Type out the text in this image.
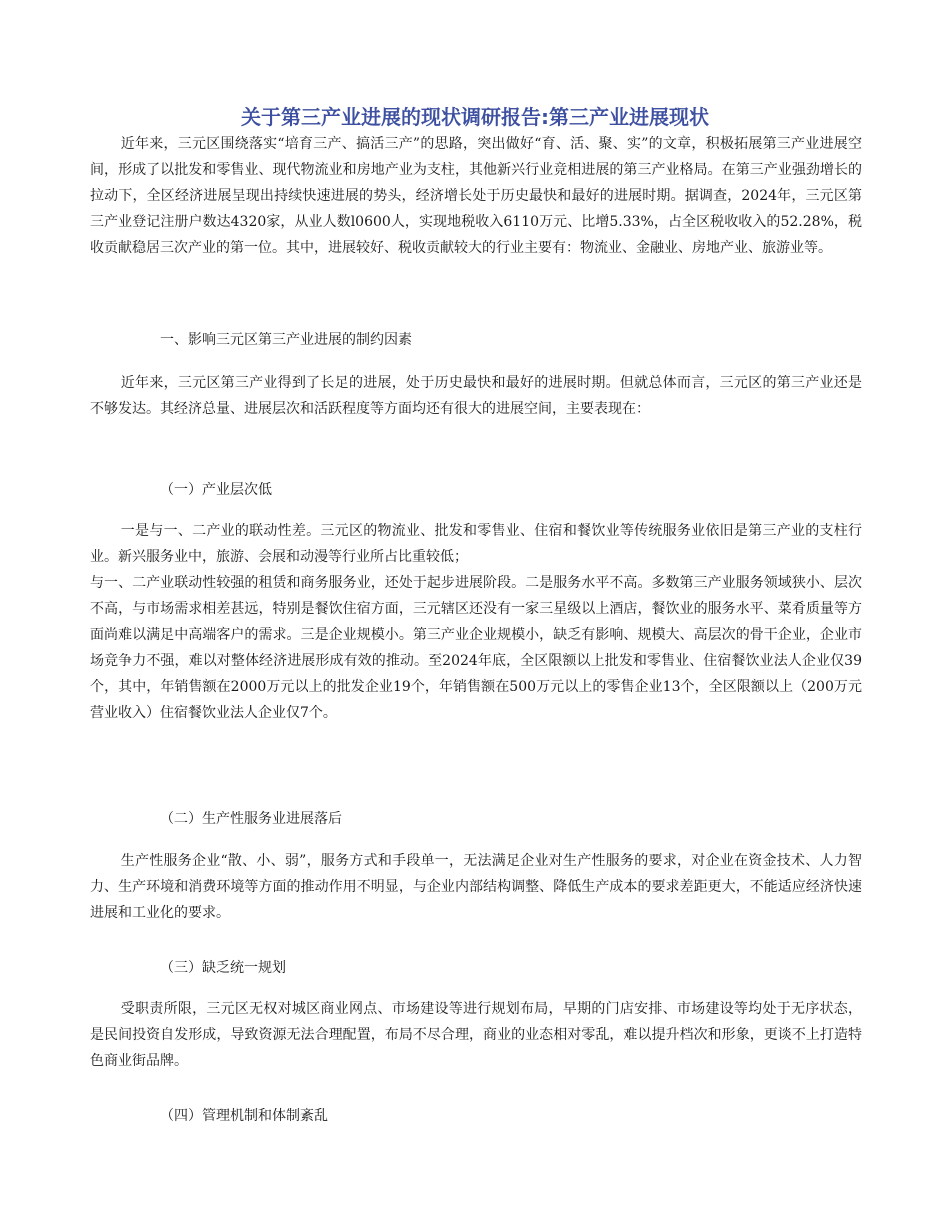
关于第三产业进展的现状调研报告:第三产业进展现状

近年来，三元区围绕落实“培育三产、搞活三产”的思路，突出做好“育、活、聚、实”的文章，积极拓展第三产业进展空间，形成了以批发和零售业、现代物流业和房地产业为支柱，其他新兴行业竞相进展的第三产业格局。在第三产业强劲增长的拉动下，全区经济进展呈现出持续快速进展的势头，经济增长处于历史最快和最好的进展时期。据调查，2024年，三元区第三产业登记注册户数达4320家，从业人数l0600人，实现地税收入6110万元、比增5.33%，占全区税收收入的52.28%，税收贡献稳居三次产业的第一位。其中，进展较好、税收贡献较大的行业主要有：物流业、金融业、房地产业、旅游业等。

一、影响三元区第三产业进展的制约因素

近年来，三元区第三产业得到了长足的进展，处于历史最快和最好的进展时期。但就总体而言，三元区的第三产业还是不够发达。其经济总量、进展层次和活跃程度等方面均还有很大的进展空间，主要表现在：

（一）产业层次低

一是与一、二产业的联动性差。三元区的物流业、批发和零售业、住宿和餐饮业等传统服务业依旧是第三产业的支柱行业。新兴服务业中，旅游、会展和动漫等行业所占比重较低；

与一、二产业联动性较强的租赁和商务服务业，还处于起步进展阶段。二是服务水平不高。多数第三产业服务领域狭小、层次不高，与市场需求相差甚远，特别是餐饮住宿方面，三元辖区还没有一家三星级以上酒店，餐饮业的服务水平、菜肴质量等方面尚难以满足中高端客户的需求。三是企业规模小。第三产业企业规模小，缺乏有影响、规模大、高层次的骨干企业，企业市场竞争力不强，难以对整体经济进展形成有效的推动。至2024年底，全区限额以上批发和零售业、住宿餐饮业法人企业仅39个，其中，年销售额在2000万元以上的批发企业19个，年销售额在500万元以上的零售企业13个，全区限额以上（200万元营业收入）住宿餐饮业法人企业仅7个。

（二）生产性服务业进展落后

生产性服务企业“散、小、弱”，服务方式和手段单一，无法满足企业对生产性服务的要求，对企业在资金技术、人力智力、生产环境和消费环境等方面的推动作用不明显，与企业内部结构调整、降低生产成本的要求差距更大，不能适应经济快速进展和工业化的要求。

（三）缺乏统一规划

受职责所限，三元区无权对城区商业网点、市场建设等进行规划布局，早期的门店安排、市场建设等均处于无序状态，是民间投资自发形成，导致资源无法合理配置，布局不尽合理，商业的业态相对零乱，难以提升档次和形象，更谈不上打造特色商业街品牌。

（四）管理机制和体制紊乱
